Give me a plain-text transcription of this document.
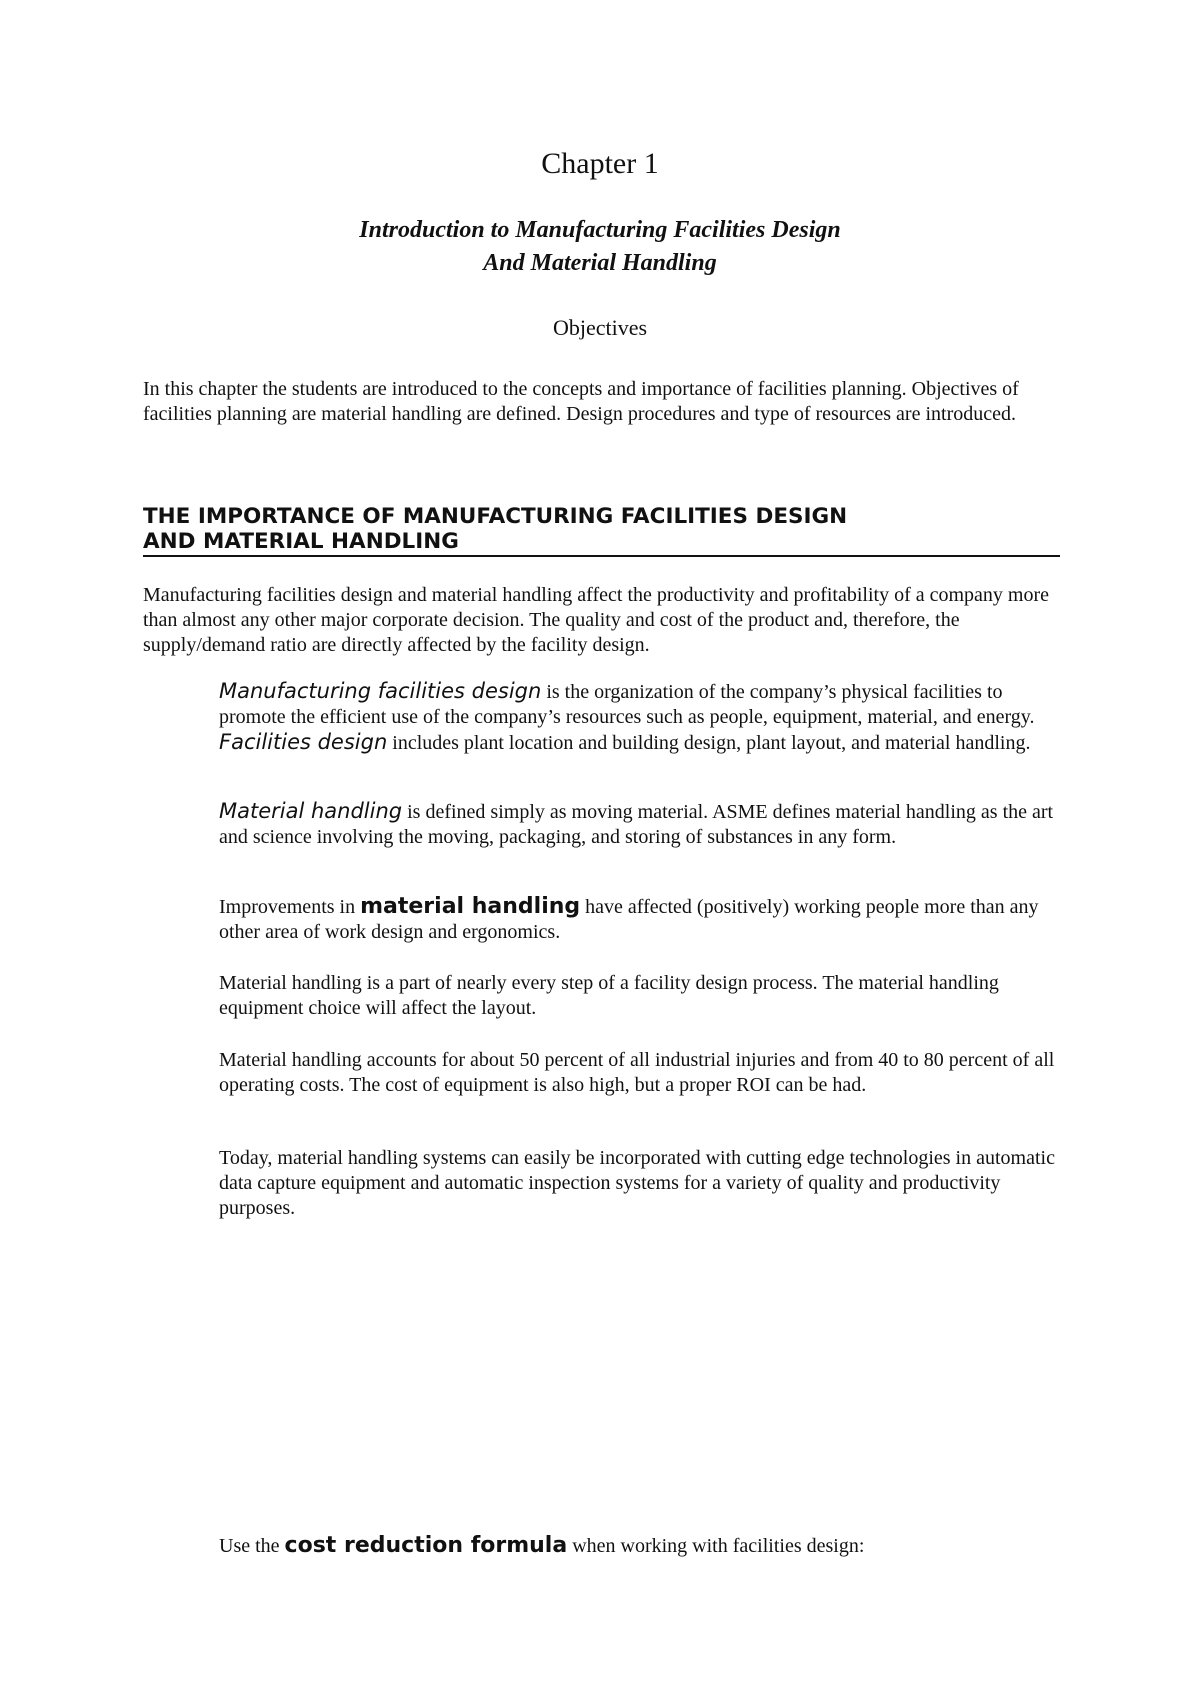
Chapter 1
Introduction to Manufacturing Facilities Design
And Material Handling
Objectives
In this chapter the students are introduced to the concepts and importance of facilities planning. Objectives of facilities planning are material handling are defined. Design procedures and type of resources are introduced.
THE IMPORTANCE OF MANUFACTURING FACILITIES DESIGN
AND MATERIAL HANDLING
Manufacturing facilities design and material handling affect the productivity and profitability of a company more than almost any other major corporate decision. The quality and cost of the product and, therefore, the supply/demand ratio are directly affected by the facility design.
Manufacturing facilities design is the organization of the company’s physical facilities to promote the efficient use of the company’s resources such as people, equipment, material, and energy. Facilities design includes plant location and building design, plant layout, and material handling.
Material handling is defined simply as moving material. ASME defines material handling as the art and science involving the moving, packaging, and storing of substances in any form.
Improvements in material handling have affected (positively) working people more than any other area of work design and ergonomics.
Material handling is a part of nearly every step of a facility design process. The material handling equipment choice will affect the layout.
Material handling accounts for about 50 percent of all industrial injuries and from 40 to 80 percent of all operating costs. The cost of equipment is also high, but a proper ROI can be had.
Today, material handling systems can easily be incorporated with cutting edge technologies in automatic data capture equipment and automatic inspection systems for a variety of quality and productivity purposes.
Use the cost reduction formula when working with facilities design:
